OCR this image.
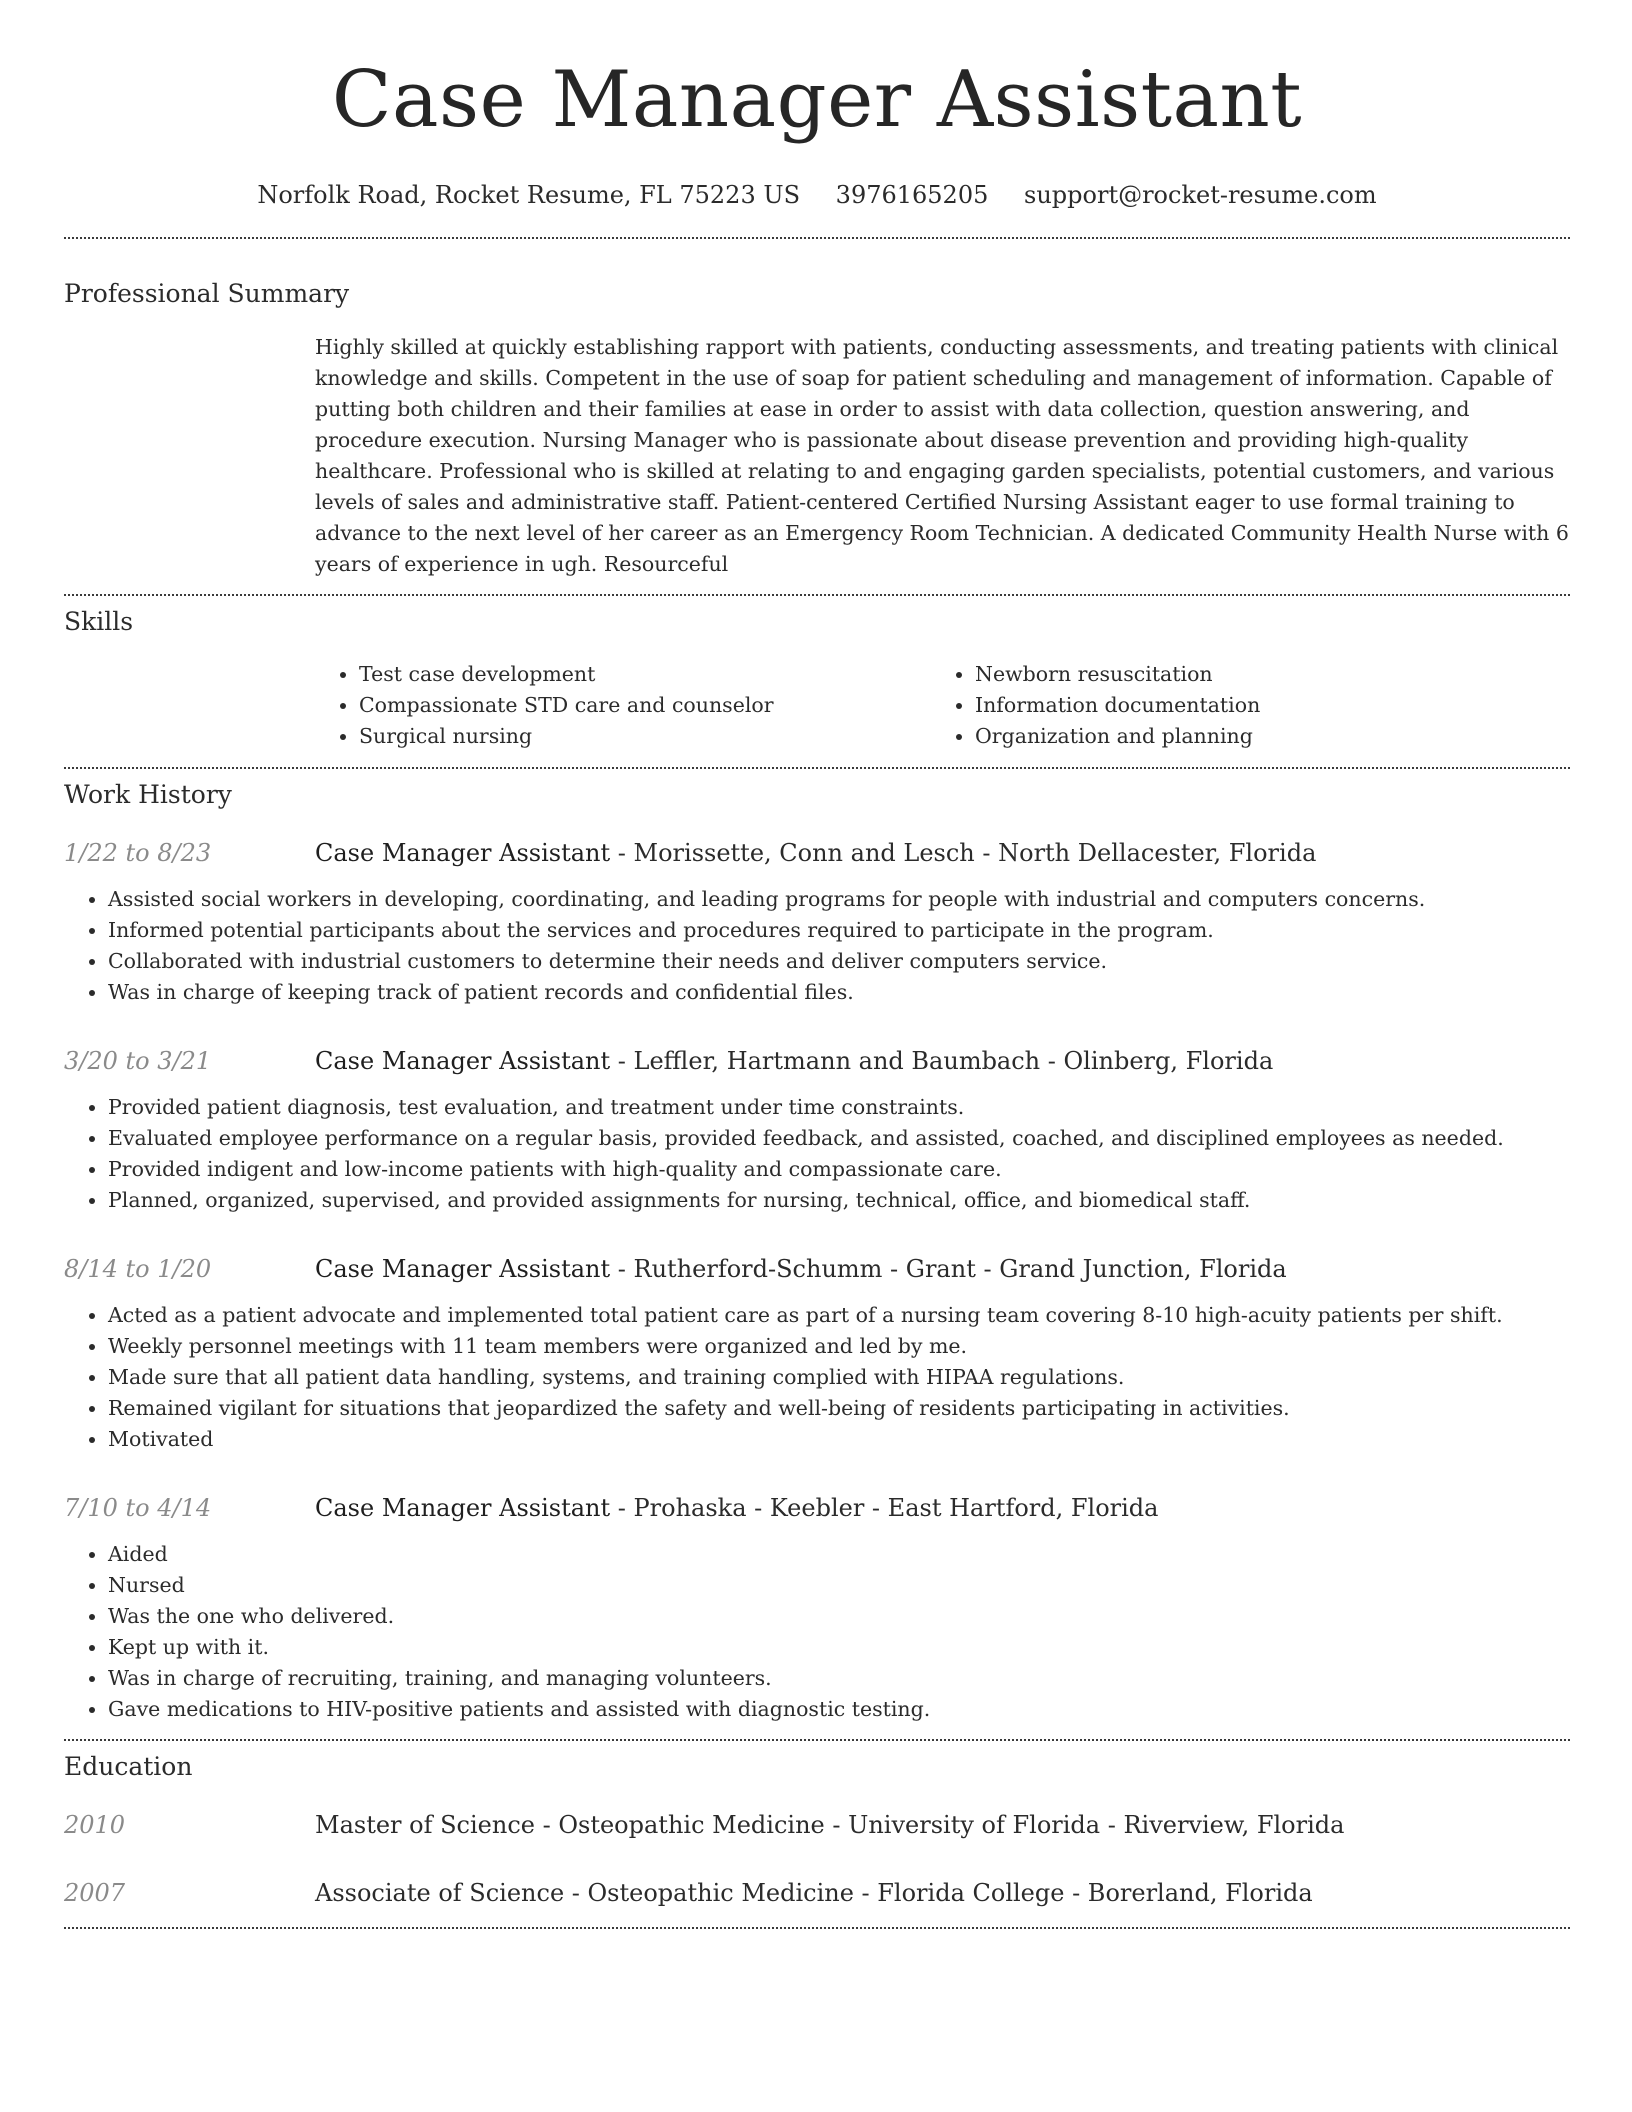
Case Manager Assistant
Norfolk Road, Rocket Resume, FL 75223 US 3976165205 support@rocket-resume.com
Professional Summary

Highly skilled at quickly establishing rapport with patients, conducting assessments, and treating patients with clinical knowledge and skills. Competent in the use of soap for patient scheduling and management of information. Capable of putting both children and their families at ease in order to assist with data collection, question answering, and procedure execution. Nursing Manager who is passionate about disease prevention and providing high-quality healthcare. Professional who is skilled at relating to and engaging garden specialists, potential customers, and various levels of sales and administrative staff. Patient-centered Certified Nursing Assistant eager to use formal training to advance to the next level of her career as an Emergency Room Technician. A dedicated Community Health Nurse with 6 years of experience in ugh. Resourceful

Skills
• Test case development
• Compassionate STD care and counselor
• Surgical nursing
• Newborn resuscitation
• Information documentation
• Organization and planning
Work History
1/22 to 8/23	Case Manager Assistant - Morissette, Conn and Lesch - North Dellacester, Florida
• Assisted social workers in developing, coordinating, and leading programs for people with industrial and computers concerns.
• Informed potential participants about the services and procedures required to participate in the program.
• Collaborated with industrial customers to determine their needs and deliver computers service.
• Was in charge of keeping track of patient records and confidential files.
3/20 to 3/21	Case Manager Assistant - Leffler, Hartmann and Baumbach - Olinberg, Florida
• Provided patient diagnosis, test evaluation, and treatment under time constraints.
• Evaluated employee performance on a regular basis, provided feedback, and assisted, coached, and disciplined employees as needed.
• Provided indigent and low-income patients with high-quality and compassionate care.
• Planned, organized, supervised, and provided assignments for nursing, technical, office, and biomedical staff.
8/14 to 1/20	Case Manager Assistant - Rutherford-Schumm - Grant - Grand Junction, Florida
• Acted as a patient advocate and implemented total patient care as part of a nursing team covering 8-10 high-acuity patients per shift.
• Weekly personnel meetings with 11 team members were organized and led by me.
• Made sure that all patient data handling, systems, and training complied with HIPAA regulations.
• Remained vigilant for situations that jeopardized the safety and well-being of residents participating in activities.
• Motivated
7/10 to 4/14	Case Manager Assistant - Prohaska - Keebler - East Hartford, Florida
• Aided
• Nursed
• Was the one who delivered.
• Kept up with it.
• Was in charge of recruiting, training, and managing volunteers.
• Gave medications to HIV-positive patients and assisted with diagnostic testing.
Education
2010	Master of Science - Osteopathic Medicine - University of Florida - Riverview, Florida
2007	Associate of Science - Osteopathic Medicine - Florida College - Borerland, Florida
